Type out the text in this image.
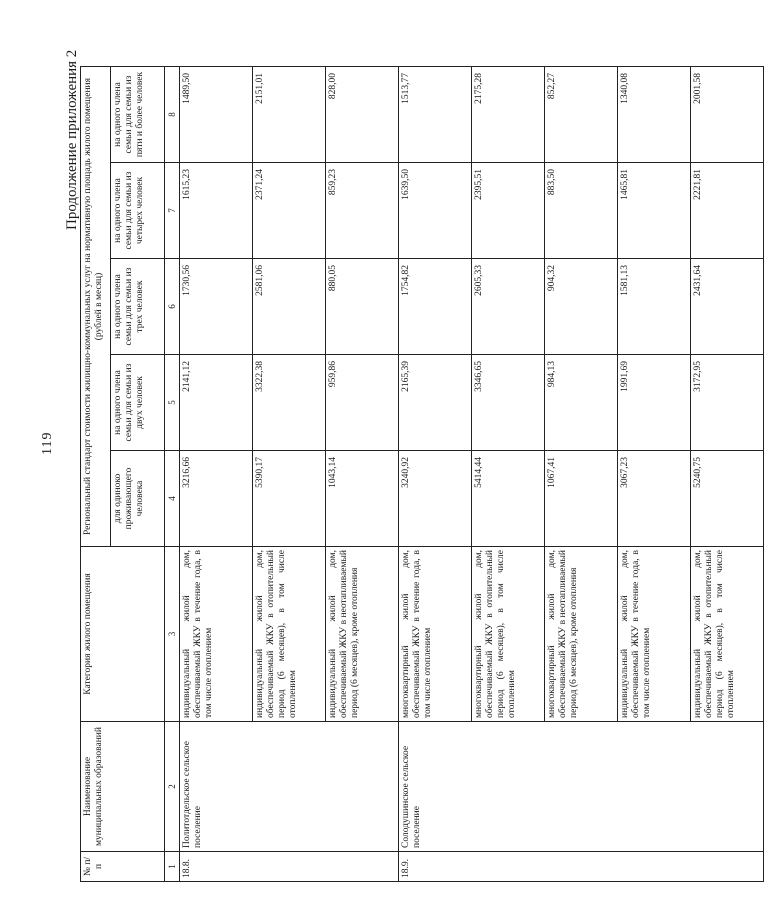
119
Продолжение приложения 2
№ п/п	Наименование муниципальных образований	Категория жилого помещения	Региональный стандарт стоимости жилищно-коммунальных услуг на нормативную площадь жилого помещения (рублей в месяц)				

			для одиноко проживающего человека	на одного члена семьи для семьи из двух человек	на одного члена семьи для семьи из трех человек	на одного члена семьи для семьи из четырех человек	на одного члена семьи для семьи из пяти и более человек
1	2	3	4	5	6	7	8
18.8.	Политотдельское сельское поселение	индивидуальный жилой дом, обеспечиваемый ЖКУ в течение года, в том числе отоплением	3216,66	2141,12	1730,56	1615,23	1489,50
		индивидуальный жилой дом, обеспечиваемый ЖКУ в отопительный период (6 месяцев), в том числе отоплением	5390,17	3322,38	2581,06	2371,24	2151,01
		индивидуальный жилой дом, обеспечиваемый ЖКУ в неотапливаемый период (6 месяцев), кроме отопления	1043,14	959,86	880,05	859,23	828,00
18.9.	Солодушинское сельское поселение	многоквартирный жилой дом, обеспечиваемый ЖКУ в течение года, в том числе отоплением	3240,92	2165,39	1754,82	1639,50	1513,77
		многоквартирный жилой дом, обеспечиваемый ЖКУ в отопительный период (6 месяцев), в том числе отоплением	5414,44	3346,65	2605,33	2395,51	2175,28
		многоквартирный жилой дом, обеспечиваемый ЖКУ в неотапливаемый период (6 месяцев), кроме отопления	1067,41	984,13	904,32	883,50	852,27
		индивидуальный жилой дом, обеспечиваемый ЖКУ в течение года, в том числе отоплением	3067,23	1991,69	1581,13	1465,81	1340,08
		индивидуальный жилой дом, обеспечиваемый ЖКУ в отопительный период (6 месяцев), в том числе отоплением	5240,75	3172,95	2431,64	2221,81	2001,58
